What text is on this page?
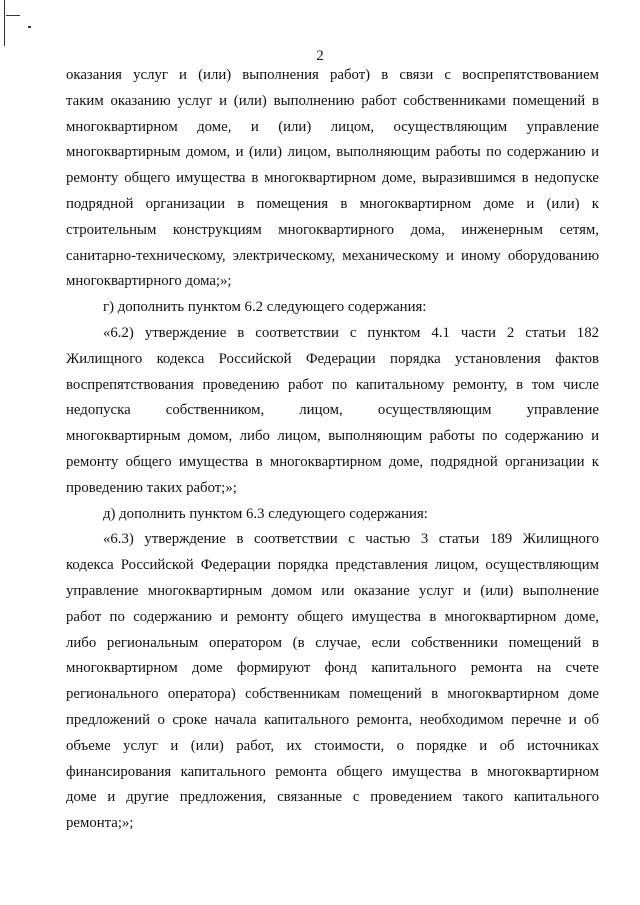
2
оказания услуг и (или) выполнения работ) в связи с воспрепятствованием
таким оказанию услуг и (или) выполнению работ собственниками помещений в
многоквартирном доме, и (или) лицом, осуществляющим управление
многоквартирным домом, и (или) лицом, выполняющим работы по содержанию и
ремонту общего имущества в многоквартирном доме, выразившимся в недопуске
подрядной организации в помещения в многоквартирном доме и (или) к
строительным конструкциям многоквартирного дома, инженерным сетям,
санитарно-техническому, электрическому, механическому и иному оборудованию
многоквартирного дома;»;
г) дополнить пунктом 6.2 следующего содержания:
«6.2) утверждение в соответствии с пунктом 4.1 части 2 статьи 182
Жилищного кодекса Российской Федерации порядка установления фактов
воспрепятствования проведению работ по капитальному ремонту, в том числе
недопуска собственником, лицом, осуществляющим управление
многоквартирным домом, либо лицом, выполняющим работы по содержанию и
ремонту общего имущества в многоквартирном доме, подрядной организации к
проведению таких работ;»;
д) дополнить пунктом 6.3 следующего содержания:
«6.3) утверждение в соответствии с частью 3 статьи 189 Жилищного
кодекса Российской Федерации порядка представления лицом, осуществляющим
управление многоквартирным домом или оказание услуг и (или) выполнение
работ по содержанию и ремонту общего имущества в многоквартирном доме,
либо региональным оператором (в случае, если собственники помещений в
многоквартирном доме формируют фонд капитального ремонта на счете
регионального оператора) собственникам помещений в многоквартирном доме
предложений о сроке начала капитального ремонта, необходимом перечне и об
объеме услуг и (или) работ, их стоимости, о порядке и об источниках
финансирования капитального ремонта общего имущества в многоквартирном
доме и другие предложения, связанные с проведением такого капитального
ремонта;»;
